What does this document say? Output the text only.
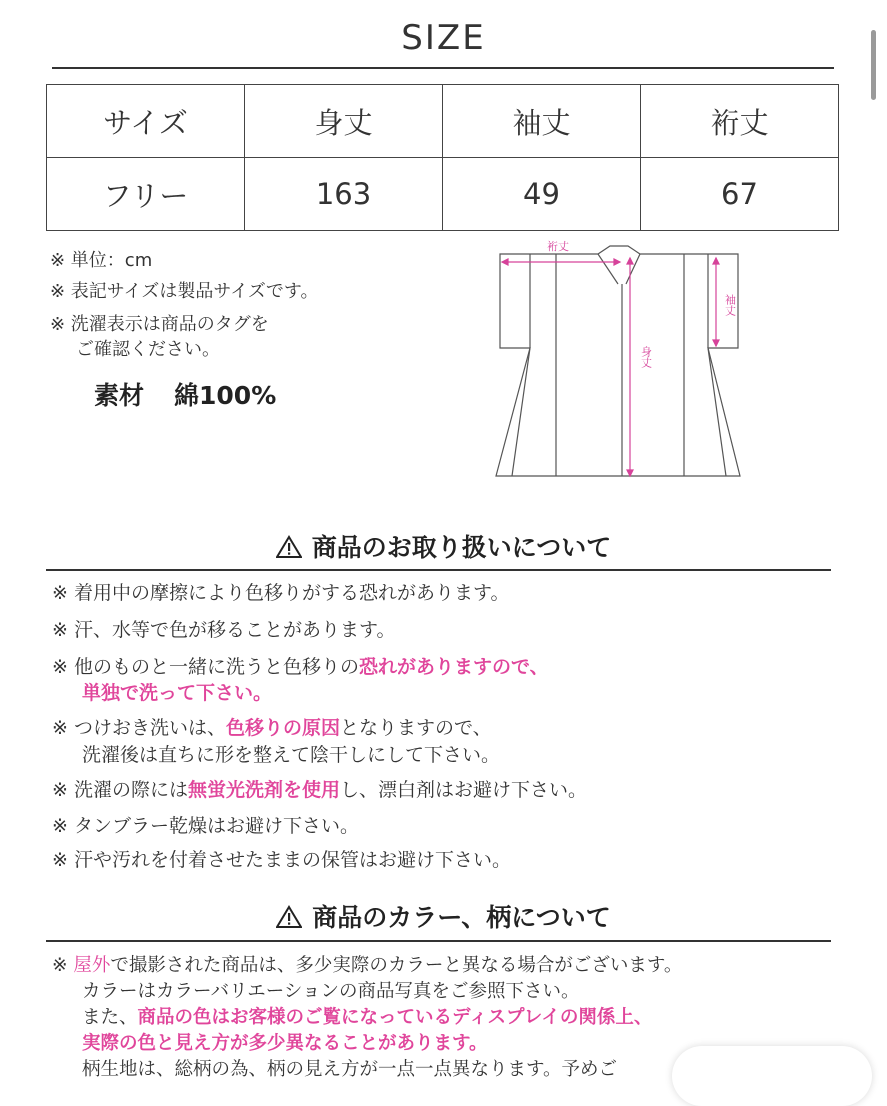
SIZE
サイズ	身丈	袖丈	裄丈
フリー	163	49	67
※ 単位：cm
※ 表記サイズは製品サイズです。
※ 洗濯表示は商品のタグを
ご確認ください。
素材 綿100%
裄丈
袖丈
身丈
商品のお取り扱いについて
※ 着用中の摩擦により色移りがする恐れがあります。
※ 汗、水等で色が移ることがあります。
※ 他のものと一緒に洗うと色移りの恐れがありますので、
単独で洗って下さい。
※ つけおき洗いは、色移りの原因となりますので、
洗濯後は直ちに形を整えて陰干しにして下さい。
※ 洗濯の際には無蛍光洗剤を使用し、漂白剤はお避け下さい。
※ タンブラー乾燥はお避け下さい。
※ 汗や汚れを付着させたままの保管はお避け下さい。
商品のカラー、柄について
※ 屋外で撮影された商品は、多少実際のカラーと異なる場合がございます。
カラーはカラーバリエーションの商品写真をご参照下さい。
また、商品の色はお客様のご覧になっているディスプレイの関係上、
実際の色と見え方が多少異なることがあります。
柄生地は、総柄の為、柄の見え方が一点一点異なります。予めご
